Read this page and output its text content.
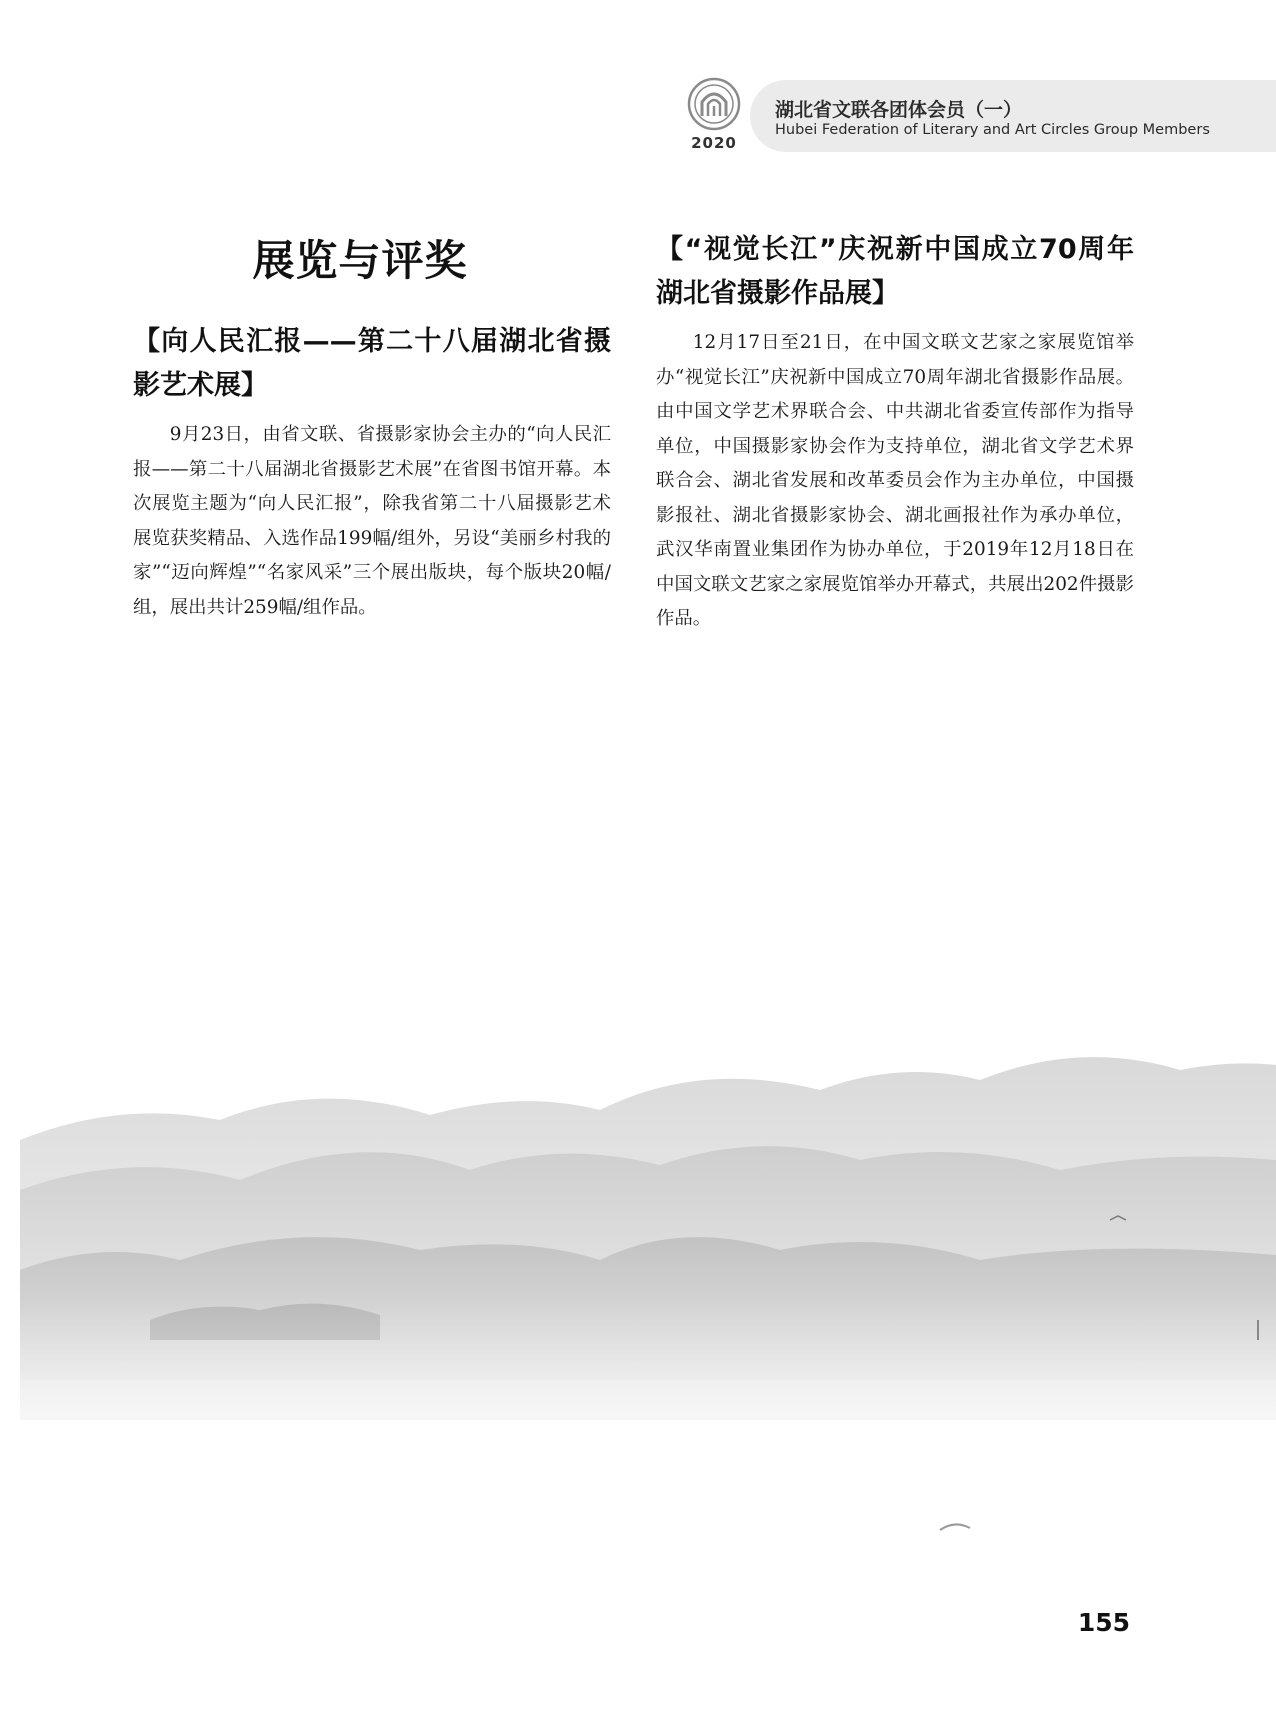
2020
湖北省文联各团体会员（一）
Hubei Federation of Literary and Art Circles Group Members
展览与评奖
【向人民汇报——第二十八届湖北省摄影艺术展】

9月23日，由省文联、省摄影家协会主办的“向人民汇报——第二十八届湖北省摄影艺术展”在省图书馆开幕。本次展览主题为“向人民汇报”，除我省第二十八届摄影艺术展览获奖精品、入选作品199幅/组外，另设“美丽乡村我的家”“迈向辉煌”“名家风采”三个展出版块，每个版块20幅/组，展出共计259幅/组作品。

【“视觉长江”庆祝新中国成立70周年湖北省摄影作品展】

12月17日至21日，在中国文联文艺家之家展览馆举办“视觉长江”庆祝新中国成立70周年湖北省摄影作品展。由中国文学艺术界联合会、中共湖北省委宣传部作为指导单位，中国摄影家协会作为支持单位，湖北省文学艺术界联合会、湖北省发展和改革委员会作为主办单位，中国摄影报社、湖北省摄影家协会、湖北画报社作为承办单位，武汉华南置业集团作为协办单位，于2019年12月18日在中国文联文艺家之家展览馆举办开幕式，共展出202件摄影作品。

155
